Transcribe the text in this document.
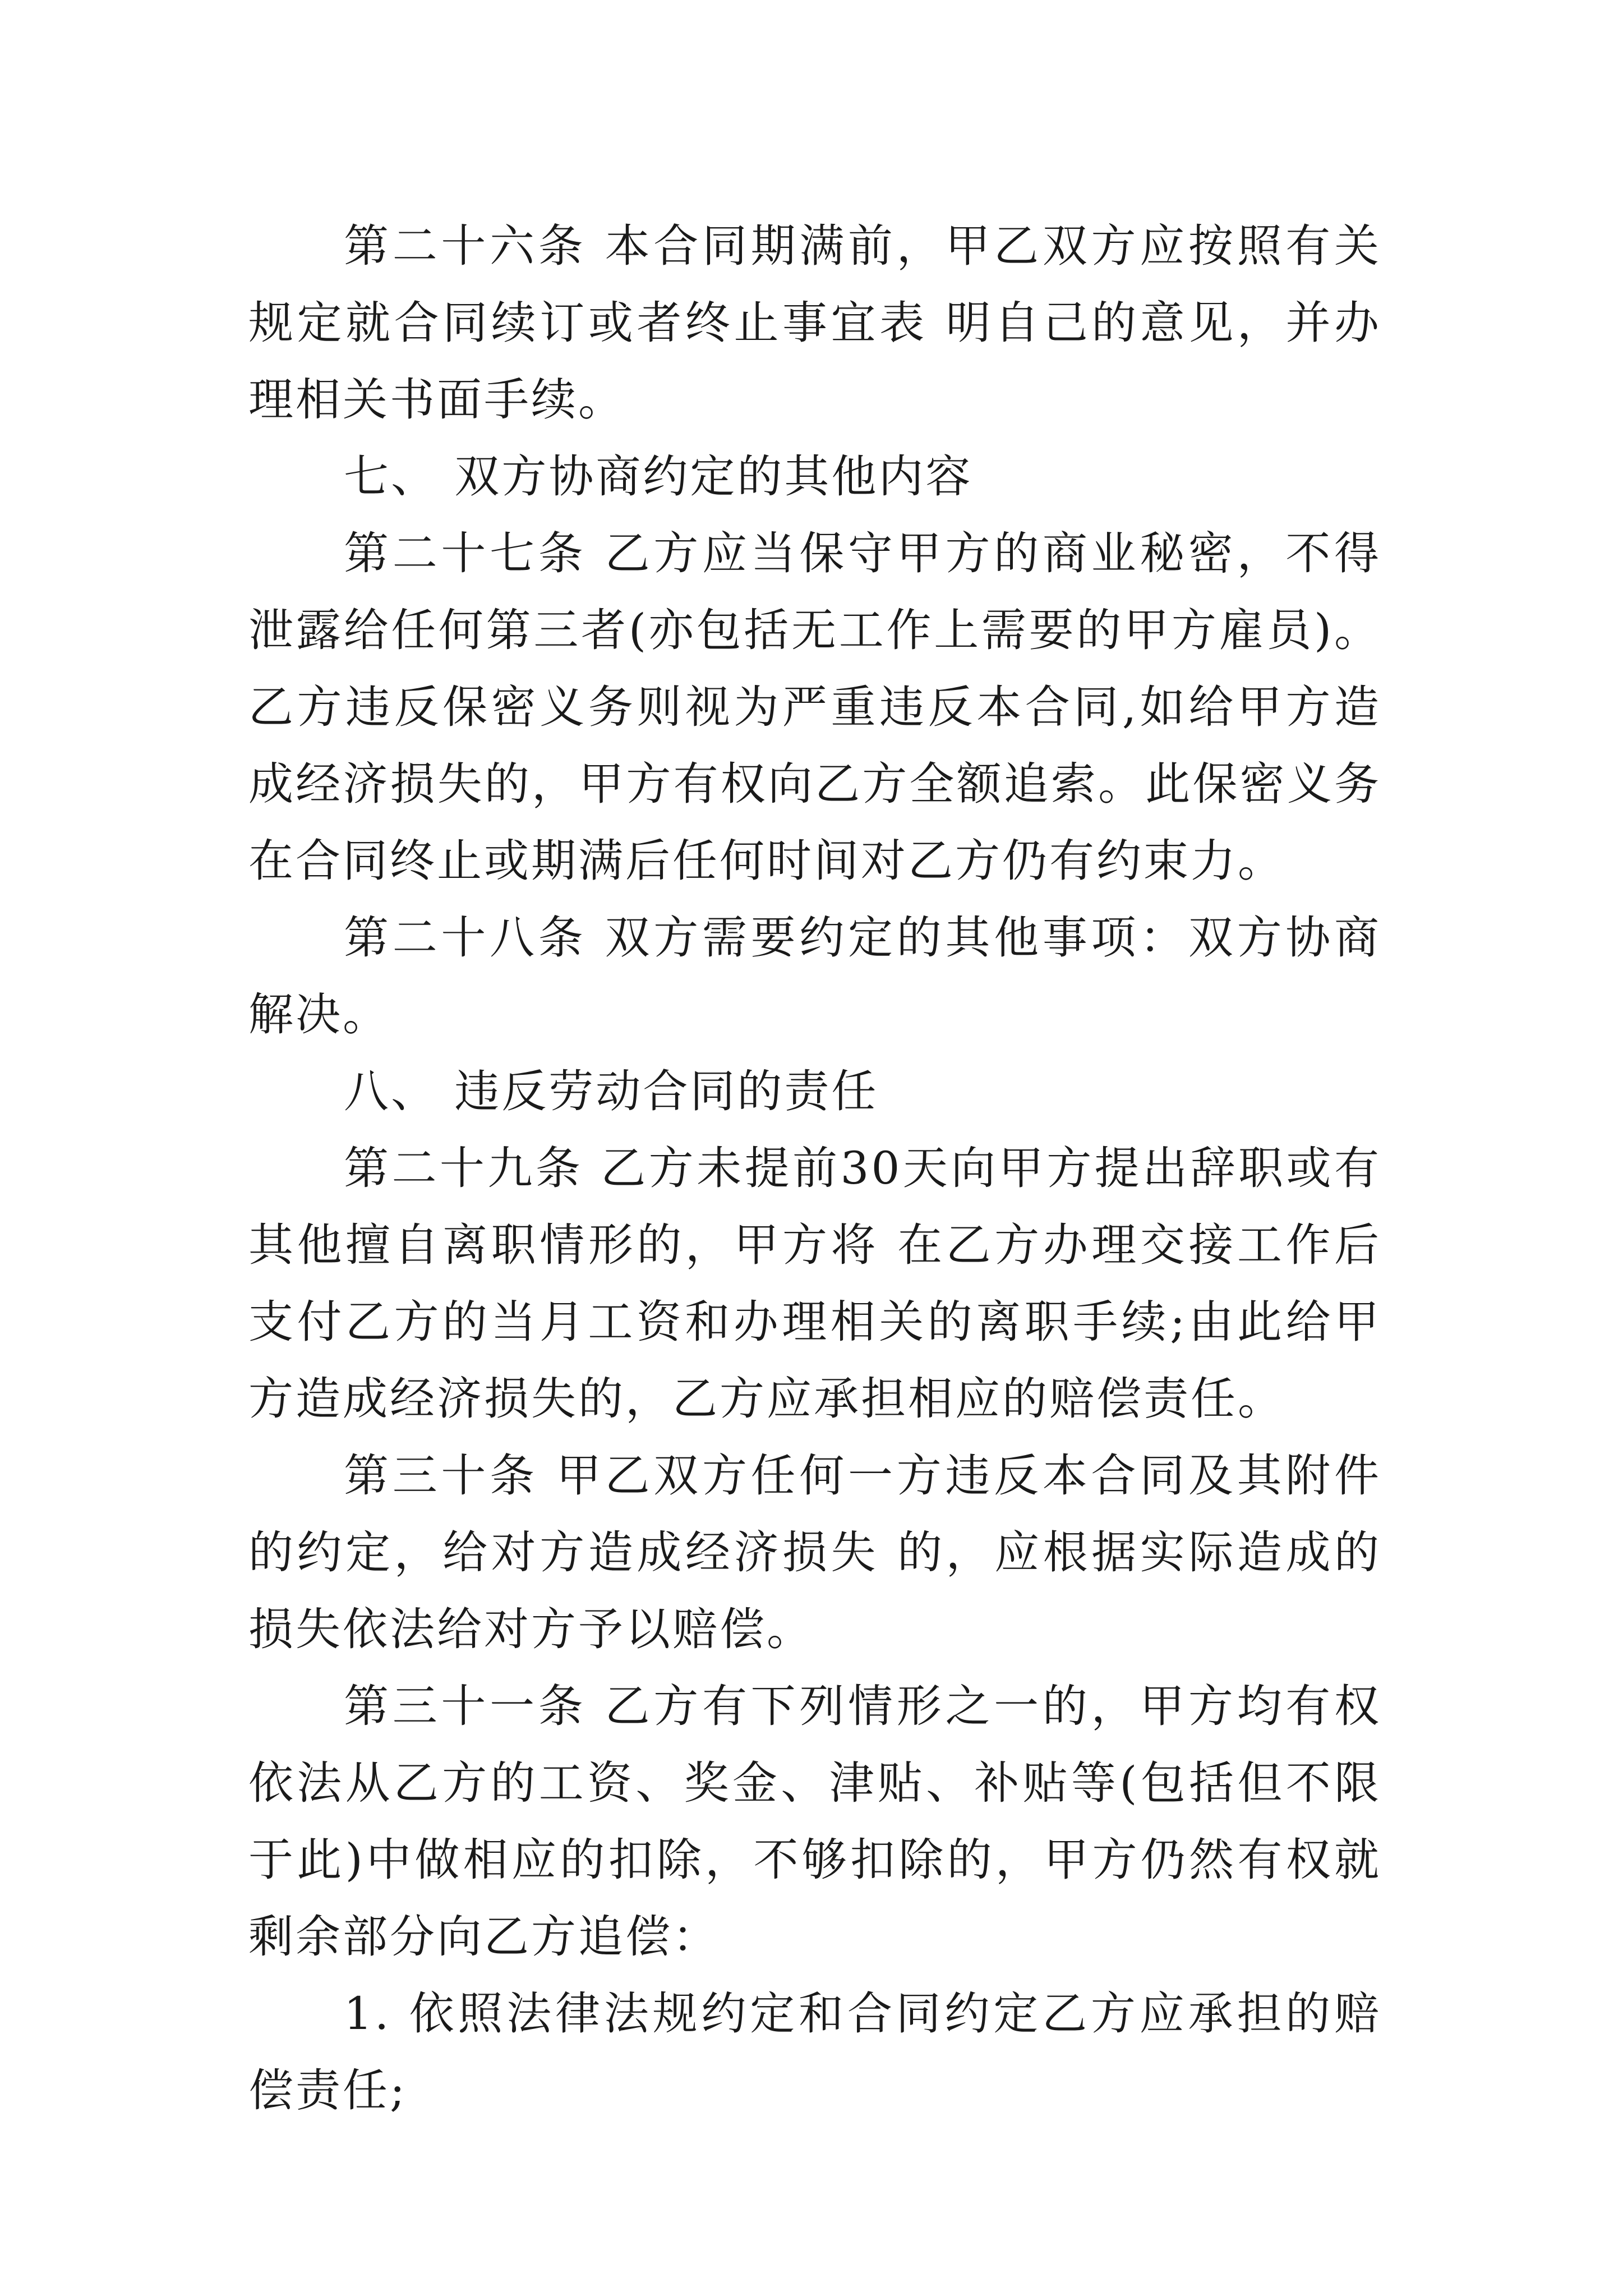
第二十六条 本合同期满前，甲乙双方应按照有关规定就合同续订或者终止事宜表 明自己的意见，并办理相关书面手续。

七、 双方协商约定的其他内容

第二十七条 乙方应当保守甲方的商业秘密，不得泄露给任何第三者(亦包括无工作上需要的甲方雇员)。乙方违反保密义务则视为严重违反本合同,如给甲方造成经济损失的，甲方有权向乙方全额追索。此保密义务在合同终止或期满后任何时间对乙方仍有约束力。

第二十八条 双方需要约定的其他事项：双方协商解决。

八、 违反劳动合同的责任

第二十九条 乙方未提前30天向甲方提出辞职或有其他擅自离职情形的，甲方将 在乙方办理交接工作后支付乙方的当月工资和办理相关的离职手续;由此给甲方造成经济损失的，乙方应承担相应的赔偿责任。

第三十条 甲乙双方任何一方违反本合同及其附件的约定，给对方造成经济损失 的，应根据实际造成的损失依法给对方予以赔偿。

第三十一条 乙方有下列情形之一的，甲方均有权依法从乙方的工资、奖金、津贴、补贴等(包括但不限于此)中做相应的扣除，不够扣除的，甲方仍然有权就剩余部分向乙方追偿：

1. 依照法律法规约定和合同约定乙方应承担的赔偿责任;
